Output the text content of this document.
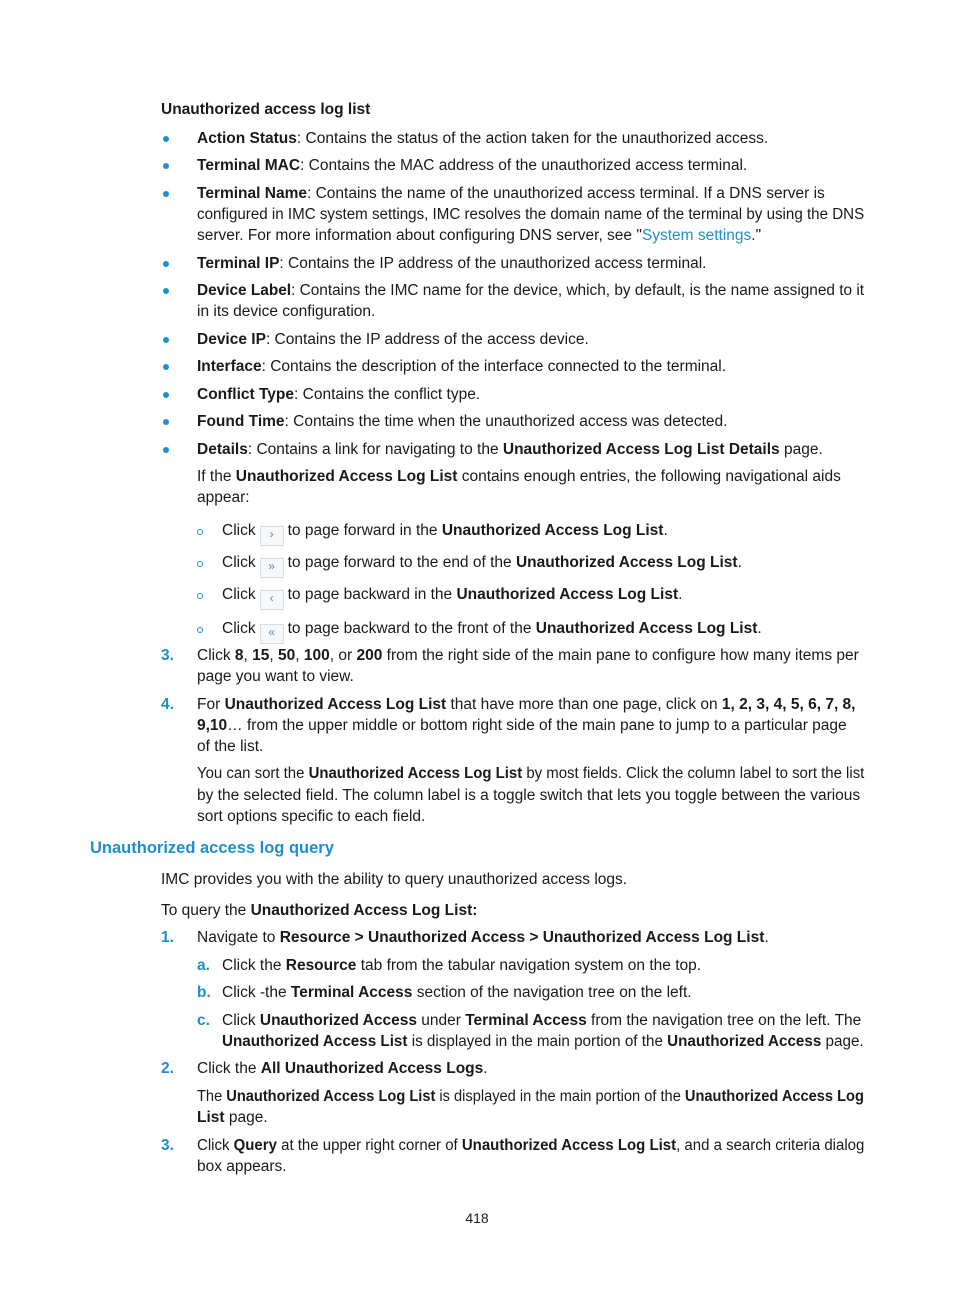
Unauthorized access log list
Action Status: Contains the status of the action taken for the unauthorized access.
Terminal MAC: Contains the MAC address of the unauthorized access terminal.
Terminal Name: Contains the name of the unauthorized access terminal. If a DNS server is
configured in IMC system settings, IMC resolves the domain name of the terminal by using the DNS
server. For more information about configuring DNS server, see "System settings."
Terminal IP: Contains the IP address of the unauthorized access terminal.
Device Label: Contains the IMC name for the device, which, by default, is the name assigned to it
in its device configuration.
Device IP: Contains the IP address of the access device.
Interface: Contains the description of the interface connected to the terminal.
Conflict Type: Contains the conflict type.
Found Time: Contains the time when the unauthorized access was detected.
Details: Contains a link for navigating to the Unauthorized Access Log List Details page.
If the Unauthorized Access Log List contains enough entries, the following navigational aids
appear:
Click › to page forward in the Unauthorized Access Log List.
Click » to page forward to the end of the Unauthorized Access Log List.
Click ‹ to page backward in the Unauthorized Access Log List.
Click « to page backward to the front of the Unauthorized Access Log List.
3. Click 8, 15, 50, 100, or 200 from the right side of the main pane to configure how many items per
page you want to view.
4. For Unauthorized Access Log List that have more than one page, click on 1, 2, 3, 4, 5, 6, 7, 8,
9,10… from the upper middle or bottom right side of the main pane to jump to a particular page
of the list.
You can sort the Unauthorized Access Log List by most fields. Click the column label to sort the list
by the selected field. The column label is a toggle switch that lets you toggle between the various
sort options specific to each field.
Unauthorized access log query
IMC provides you with the ability to query unauthorized access logs.
To query the Unauthorized Access Log List:
1. Navigate to Resource > Unauthorized Access > Unauthorized Access Log List.
a. Click the Resource tab from the tabular navigation system on the top.
b. Click -the Terminal Access section of the navigation tree on the left.
c. Click Unauthorized Access under Terminal Access from the navigation tree on the left. The
Unauthorized Access List is displayed in the main portion of the Unauthorized Access page.
2. Click the All Unauthorized Access Logs.
The Unauthorized Access Log List is displayed in the main portion of the Unauthorized Access Log
List page.
3. Click Query at the upper right corner of Unauthorized Access Log List, and a search criteria dialog
box appears.
418
